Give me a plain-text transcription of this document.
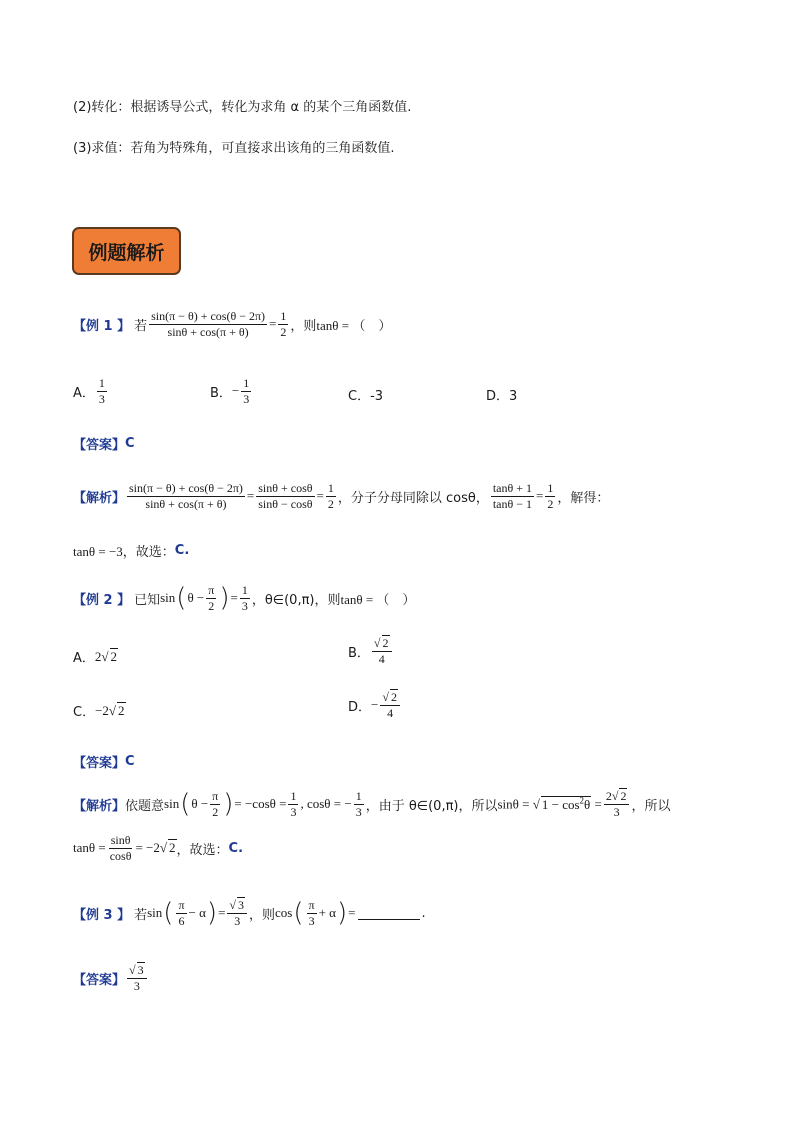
(2)转化：根据诱导公式，转化为求角 α 的某个三角函数值.
(3)求值：若角为特殊角，可直接求出该角的三角函数值.
例题解析
【例 1 】 若 $\frac{\sin(\pi - \theta) + \cos(\theta - 2\pi)}{\sin\theta + \cos(\pi + \theta)} = \frac{1}{2}$ ，则 tanθ = （　）
A． $\frac{1}{3}$	B． − $\frac{1}{3}$	C．-3	D．3
【答案】 C
【解析】 $\frac{\sin(\pi - \theta) + \cos(\theta - 2\pi)}{\sin\theta + \cos(\pi + \theta)} = \frac{\sin\theta + \cos\theta}{\sin\theta - \cos\theta} = \frac{1}{2}$ ，分子分母同除以 cosθ， $\frac{\tan\theta + 1}{\tan\theta - 1} = \frac{1}{2}$ ，解得：
tanθ = −3，故选： C.
【例 2 】 已知 sin ( $\theta - \frac{\pi}{2}$ ) = $\frac{1}{3}$ ，θ∈(0,π)，则 tanθ = （　）
A． 2√ 2	B． $\frac{√ 2}{4}$
C． −2√ 2	D． − $\frac{√ 2}{4}$
【答案】 C
【解析】 依题意 sin ( $\theta - \frac{\pi}{2}$ ) = $-\cos\theta = \frac{1}{3}$ , cosθ = − $\frac{1}{3}$ ，由于 θ∈(0,π)，所以 sinθ = √ $1 - \cos^2\theta = \frac{2√ 2}{3}$ ，所以
$\tan\theta = \frac{\sin\theta}{\cos\theta} = -2√$ 2 ，故选： C.
【例 3 】 若 sin ( $\frac{\pi}{6} - \alpha$ ) = $\frac{√ 3}{3}$ ，则 cos ( $\frac{\pi}{3} + \alpha$ ) =	.
【答案】 $\frac{√ 3}{3}$
